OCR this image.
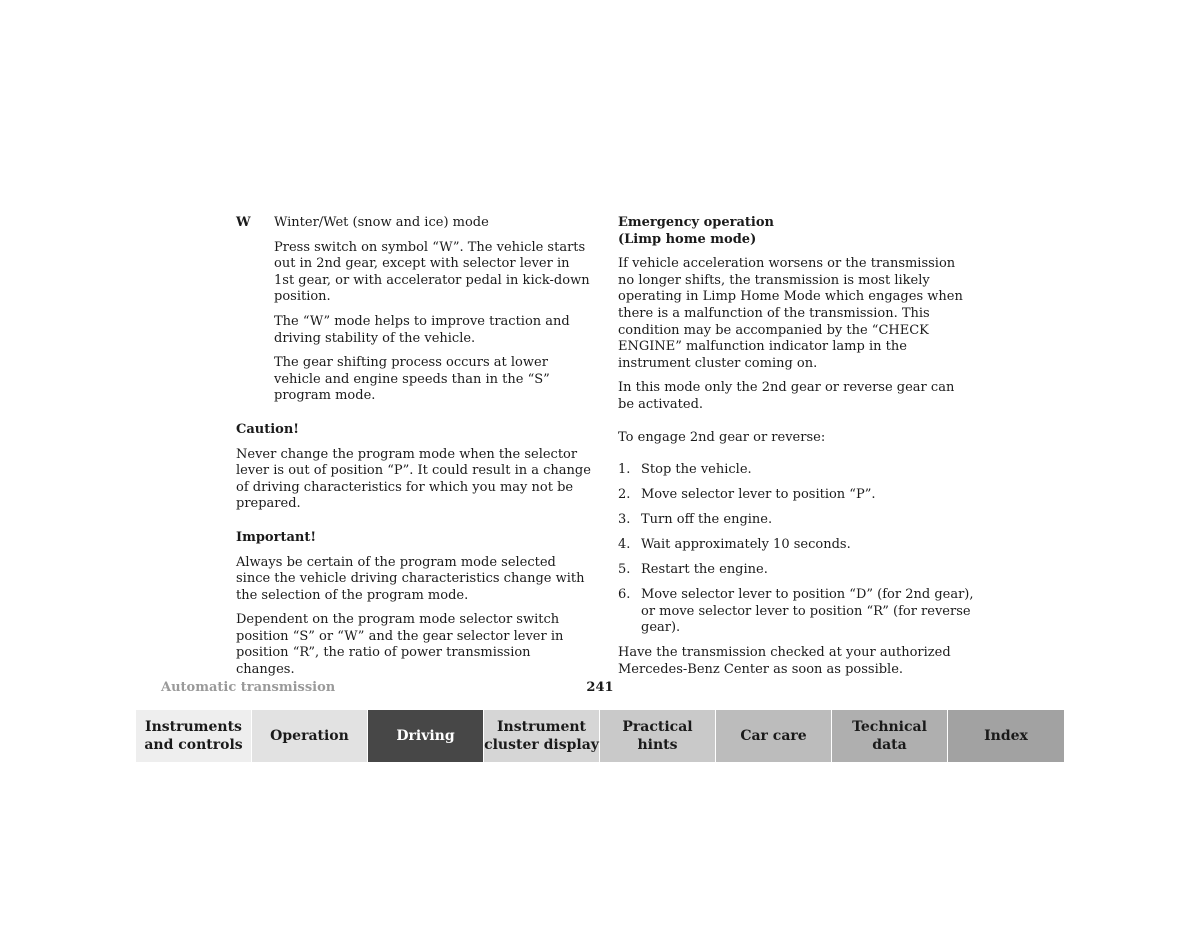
W	Winter/Wet (snow and ice) mode

Press switch on symbol “W”. The vehicle starts out in 2nd gear, except with selector lever in 1st gear, or with accelerator pedal in kick-down position.

The “W” mode helps to improve traction and driving stability of the vehicle.

The gear shifting process occurs at lower vehicle and engine speeds than in the “S” program mode.

Caution!

Never change the program mode when the selector lever is out of position “P”. It could result in a change of driving characteristics for which you may not be prepared.

Important!

Always be certain of the program mode selected since the vehicle driving characteristics change with the selection of the program mode.

Dependent on the program mode selector switch position “S” or “W” and the gear selector lever in position “R”, the ratio of power transmission changes.

Emergency operation
(Limp home mode)

If vehicle acceleration worsens or the transmission no longer shifts, the transmission is most likely operating in Limp Home Mode which engages when there is a malfunction of the transmission. This condition may be accompanied by the “CHECK ENGINE” malfunction indicator lamp in the instrument cluster coming on.

In this mode only the 2nd gear or reverse gear can be activated.

To engage 2nd gear or reverse:

1. Stop the vehicle.
2. Move selector lever to position “P”.
3. Turn off the engine.
4. Wait approximately 10 seconds.
5. Restart the engine.
6. Move selector lever to position “D” (for 2nd gear), or move selector lever to position “R” (for reverse gear).

Have the transmission checked at your authorized Mercedes-Benz Center as soon as possible.

Automatic transmission	241
Instruments
and controls
Operation	Driving
Instrument
cluster display
Practical hints
Car care
Technical
data
Index
